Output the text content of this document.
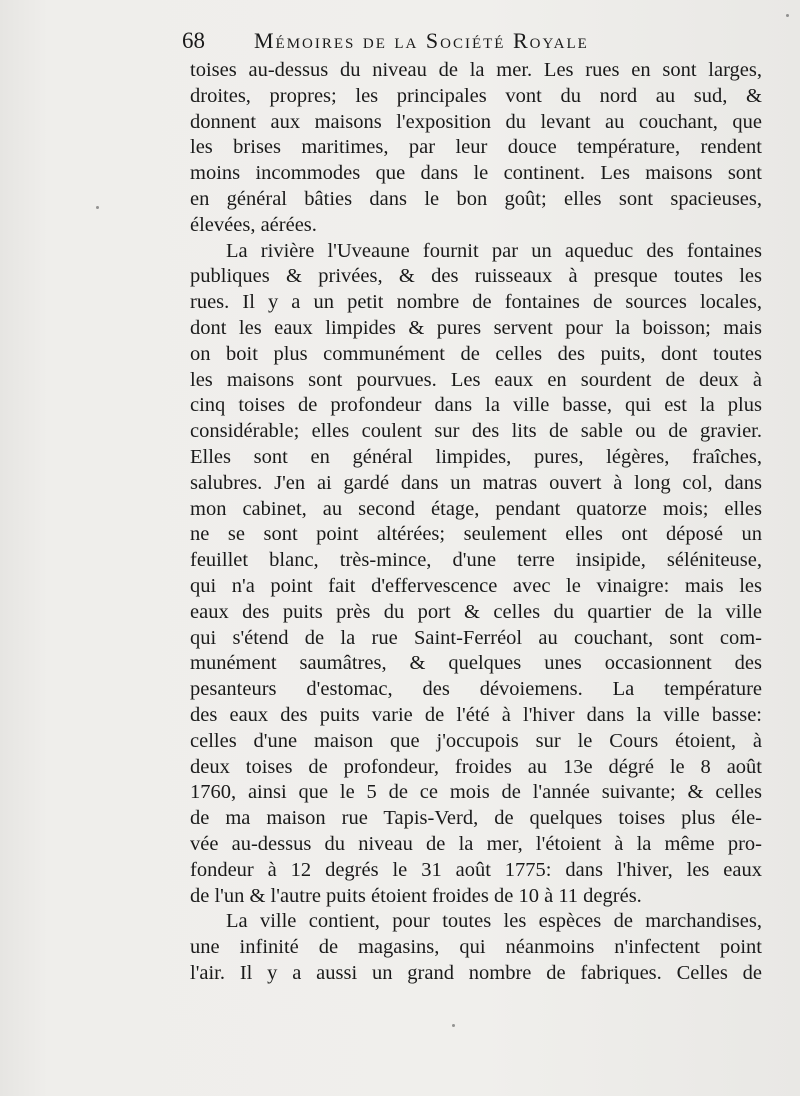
68 Mémoires de la Société Royale
toises au-dessus du niveau de la mer. Les rues en sont larges,
droites, propres; les principales vont du nord au sud, &
donnent aux maisons l'exposition du levant au couchant, que
les brises maritimes, par leur douce température, rendent
moins incommodes que dans le continent. Les maisons sont
en général bâties dans le bon goût; elles sont spacieuses,
élevées, aérées.
La rivière l'Uveaune fournit par un aqueduc des fontaines
publiques & privées, & des ruisseaux à presque toutes les
rues. Il y a un petit nombre de fontaines de sources locales,
dont les eaux limpides & pures servent pour la boisson; mais
on boit plus communément de celles des puits, dont toutes
les maisons sont pourvues. Les eaux en sourdent de deux à
cinq toises de profondeur dans la ville basse, qui est la plus
considérable; elles coulent sur des lits de sable ou de gravier.
Elles sont en général limpides, pures, légères, fraîches,
salubres. J'en ai gardé dans un matras ouvert à long col, dans
mon cabinet, au second étage, pendant quatorze mois; elles
ne se sont point altérées; seulement elles ont déposé un
feuillet blanc, très-mince, d'une terre insipide, séléniteuse,
qui n'a point fait d'effervescence avec le vinaigre: mais les
eaux des puits près du port & celles du quartier de la ville
qui s'étend de la rue Saint-Ferréol au couchant, sont com-
munément saumâtres, & quelques unes occasionnent des
pesanteurs d'estomac, des dévoiemens. La température
des eaux des puits varie de l'été à l'hiver dans la ville basse:
celles d'une maison que j'occupois sur le Cours étoient, à
deux toises de profondeur, froides au 13e dégré le 8 août
1760, ainsi que le 5 de ce mois de l'année suivante; & celles
de ma maison rue Tapis-Verd, de quelques toises plus éle-
vée au-dessus du niveau de la mer, l'étoient à la même pro-
fondeur à 12 degrés le 31 août 1775: dans l'hiver, les eaux
de l'un & l'autre puits étoient froides de 10 à 11 degrés.
La ville contient, pour toutes les espèces de marchandises,
une infinité de magasins, qui néanmoins n'infectent point
l'air. Il y a aussi un grand nombre de fabriques. Celles de
